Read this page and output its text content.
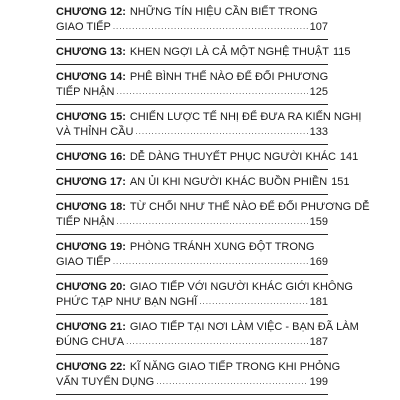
CHƯƠNG 12: NHỮNG TÍN HIỆU CẦN BIẾT TRONG
GIAO TIẾP .....	107
CHƯƠNG 13: KHEN NGỢI LÀ CẢ MỘT NGHỆ THUẬT 115
CHƯƠNG 14: PHÊ BÌNH THẾ NÀO ĐỂ ĐỐI PHƯƠNG
TIẾP NHẬN .....	125
CHƯƠNG 15: CHIẾN LƯỢC TẾ NHỊ ĐỂ ĐƯA RA KIẾN NGHỊ
VÀ THỈNH CẦU .....	133
CHƯƠNG 16: DỄ DÀNG THUYẾT PHỤC NGƯỜI KHÁC 141
CHƯƠNG 17: AN ỦI KHI NGƯỜI KHÁC BUỒN PHIỀN 151
CHƯƠNG 18: TỪ CHỐI NHƯ THẾ NÀO ĐỂ ĐỐI PHƯƠNG DỄ
TIẾP NHẬN .....	159
CHƯƠNG 19: PHÒNG TRÁNH XUNG ĐỘT TRONG
GIAO TIẾP .....	169
CHƯƠNG 20: GIAO TIẾP VỚI NGƯỜI KHÁC GIỚI KHÔNG
PHỨC TẠP NHƯ BẠN NGHĨ .....	181
CHƯƠNG 21: GIAO TIẾP TẠI NƠI LÀM VIỆC - BẠN ĐÃ LÀM
ĐÚNG CHƯA .....	187
CHƯƠNG 22: KĨ NĂNG GIAO TIẾP TRONG KHI PHỎNG
VẤN TUYỂN DỤNG .....	199
